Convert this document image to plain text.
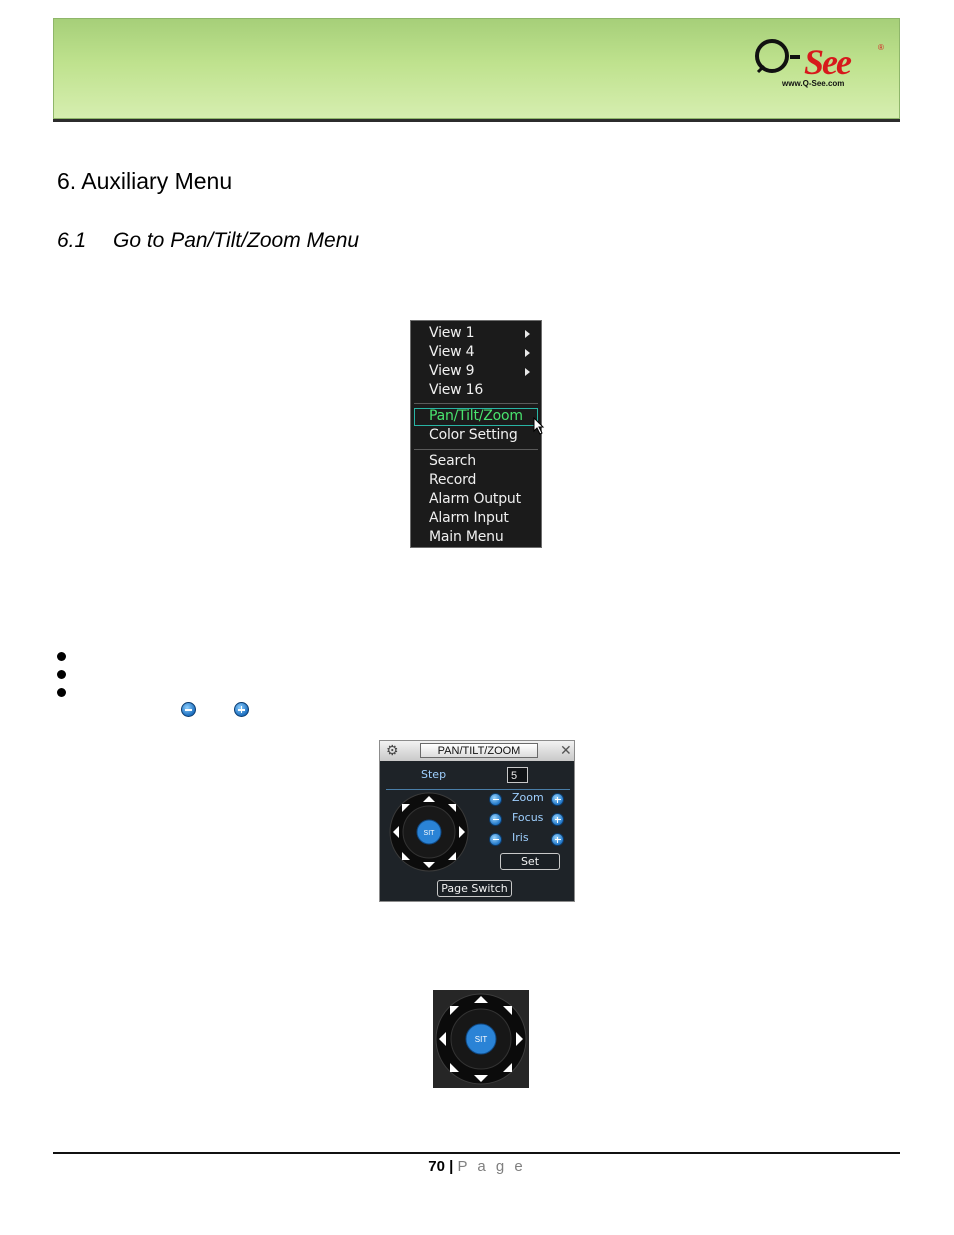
See	®
www.Q-See.com
6. Auxiliary Menu
6.1 Go to Pan/Tilt/Zoom Menu
View 1
View 4
View 9
View 16
Pan/Tilt/Zoom
Color Setting
Search
Record
Alarm Output
Alarm Input
Main Menu
⚙	PAN/TILT/ZOOM	✕
Step	5
SIT
Zoom
Focus
Iris
Set
Page Switch
SIT
70 | P a g e
